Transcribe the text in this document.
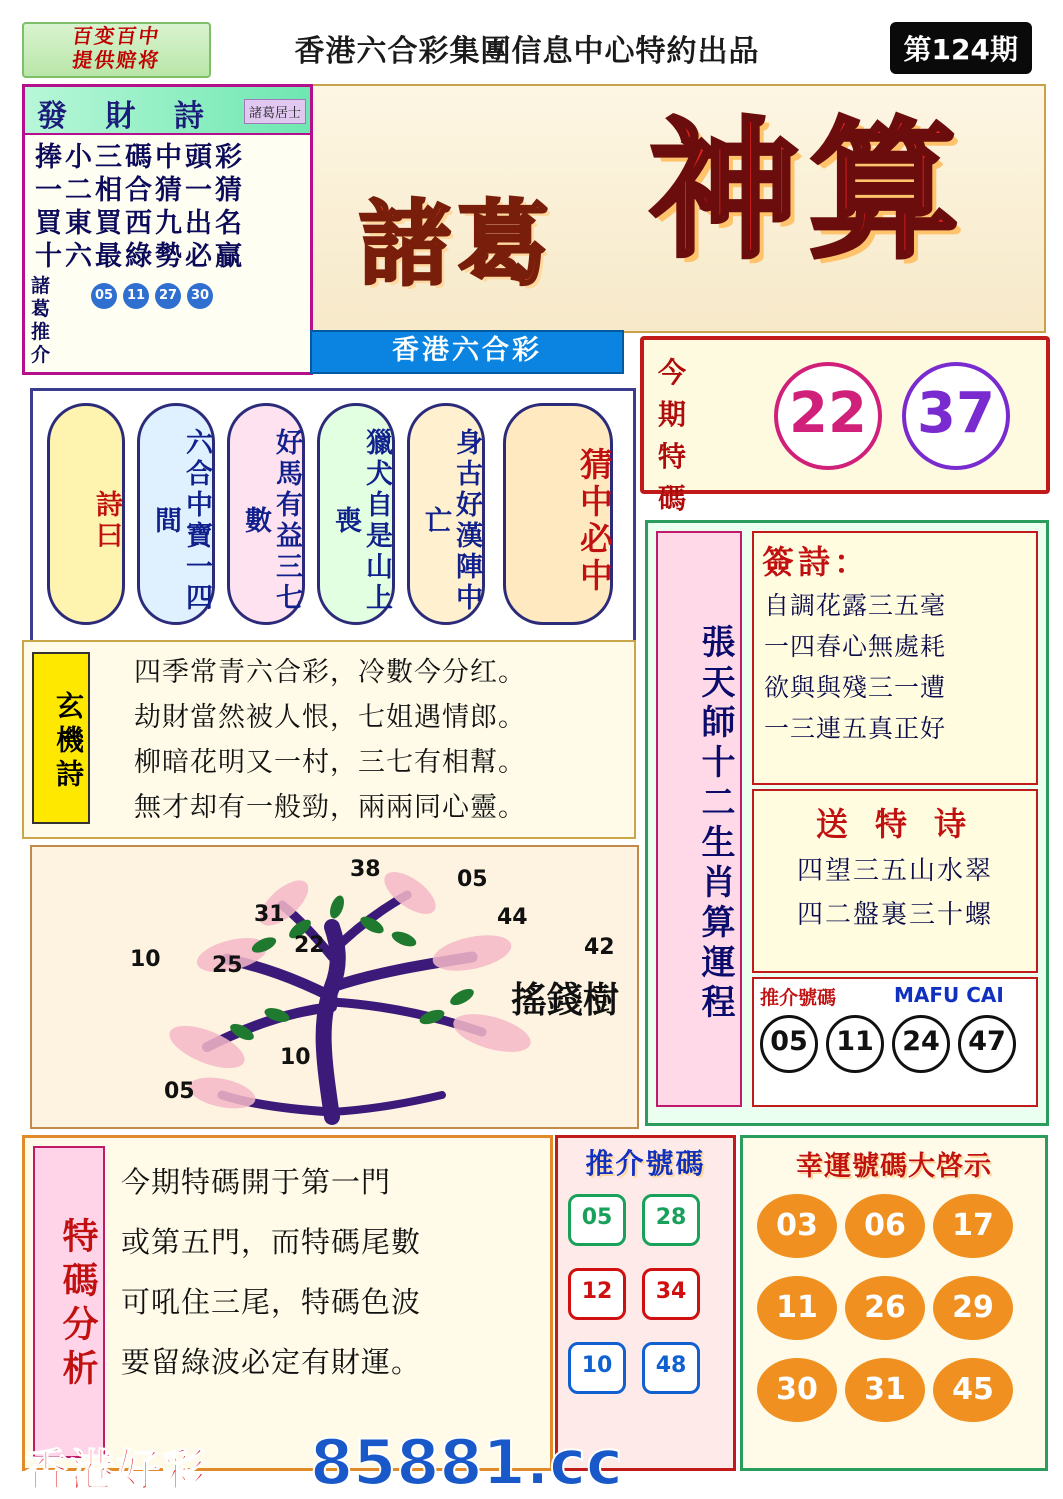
百变百中
提供赔将	香港六合彩集團信息中心特約出品	第124期
諸葛 神算
發 財 詩	諸葛居士
捧小三碼中頭彩
一二相合猜一猜
買東買西九出名
十六最綠勢必贏
諸 葛 推 介
05	11	27	30
香港六合彩
今期特碼
22 37
詩曰	六合中寶一四間	好馬有益三七數	獵犬自是山上喪	身古好漢陣中亡	猜中必中
玄機詩
四季常青六合彩，冷數今分红。
劫財當然被人恨，七姐遇情郎。
柳暗花明又一村，三七有相幫。
無才却有一般勁，兩兩同心靈。
38	05
31	44
22	42
10 25
10
05
搖錢樹	張天師十二生肖算運程
簽詩：
自調花露三五毫
一四春心無處耗
欲與與殘三一遭
一三連五真正好
送 特 诗
四望三五山水翠
四二盤裏三十螺
推介號碼	MAFU CAI
05	11	24	47
特碼分析
今期特碼開于第一門
或第五門，而特碼尾數
可吼住三尾，特碼色波
要留綠波必定有財運。
推介號碼
05	28
12	34
10	48
幸運號碼大啓示
03	06	17
11	26	29
30	31	45
香港好彩 85881.cc
